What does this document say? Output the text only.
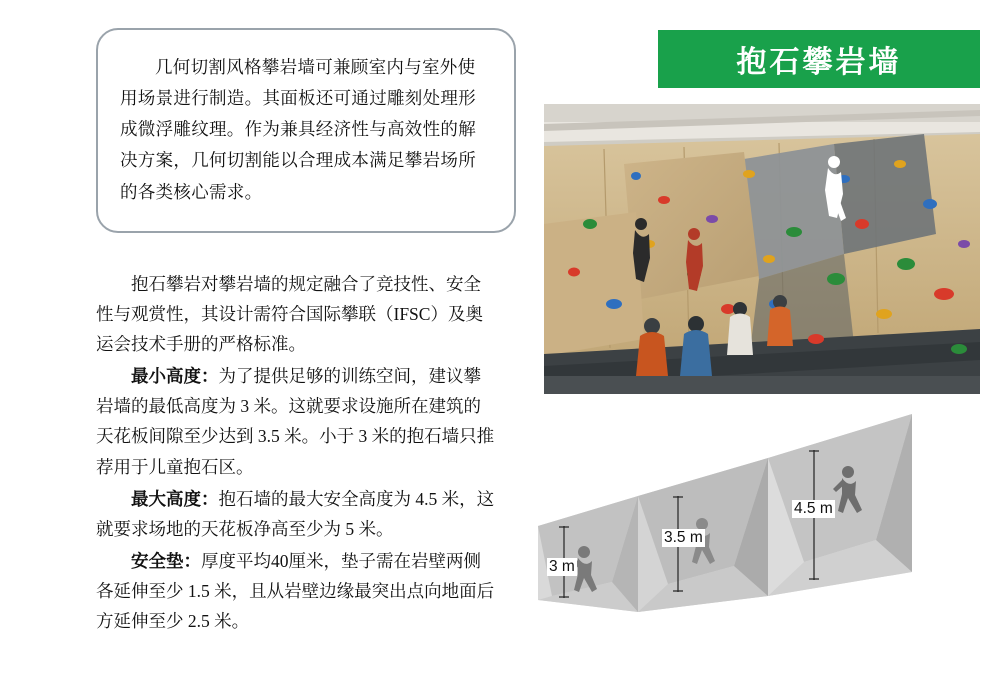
几何切割风格攀岩墙可兼顾室内与室外使用场景进行制造。其面板还可通过雕刻处理形成微浮雕纹理。作为兼具经济性与高效性的解决方案，几何切割能以合理成本满足攀岩场所的各类核心需求。

抱石攀岩对攀岩墙的规定融合了竞技性、安全性与观赏性，其设计需符合国际攀联（IFSC）及奥运会技术手册的严格标准。

最小高度：为了提供足够的训练空间，建议攀岩墙的最低高度为 3 米。这就要求设施所在建筑的天花板间隙至少达到 3.5 米。小于 3 米的抱石墙只推荐用于儿童抱石区。

最大高度：抱石墙的最大安全高度为 4.5 米，这就要求场地的天花板净高至少为 5 米。

安全垫：厚度平均40厘米，垫子需在岩壁两侧各延伸至少 1.5 米，且从岩壁边缘最突出点向地面后方延伸至少 2.5 米。

抱石攀岩墙
3 m
3.5 m
4.5 m
